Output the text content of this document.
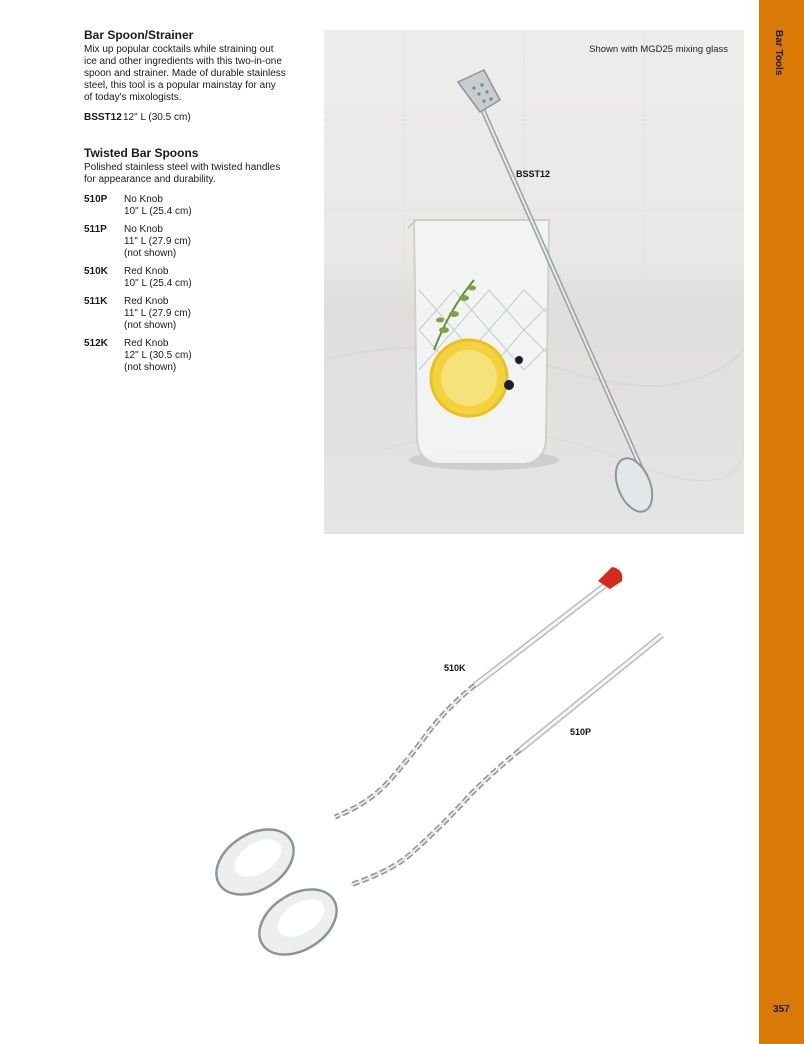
Bar Spoon/Strainer
Mix up popular cocktails while straining out
ice and other ingredients with this two-in-one
spoon and strainer. Made of durable stainless
steel, this tool is a popular mainstay for any
of today's mixologists.
BSST12 12" L (30.5 cm)
Twisted Bar Spoons
Polished stainless steel with twisted handles
for appearance and durability.
510P	No Knob
10" L (25.4 cm)
511P	No Knob
11" L (27.9 cm)
(not shown)
510K	Red Knob
10" L (25.4 cm)
511K	Red Knob
11" L (27.9 cm)
(not shown)
512K	Red Knob
12" L (30.5 cm)
(not shown)
Shown with MGD25 mixing glass
BSST12
510K
510P
Bar Tools
357
